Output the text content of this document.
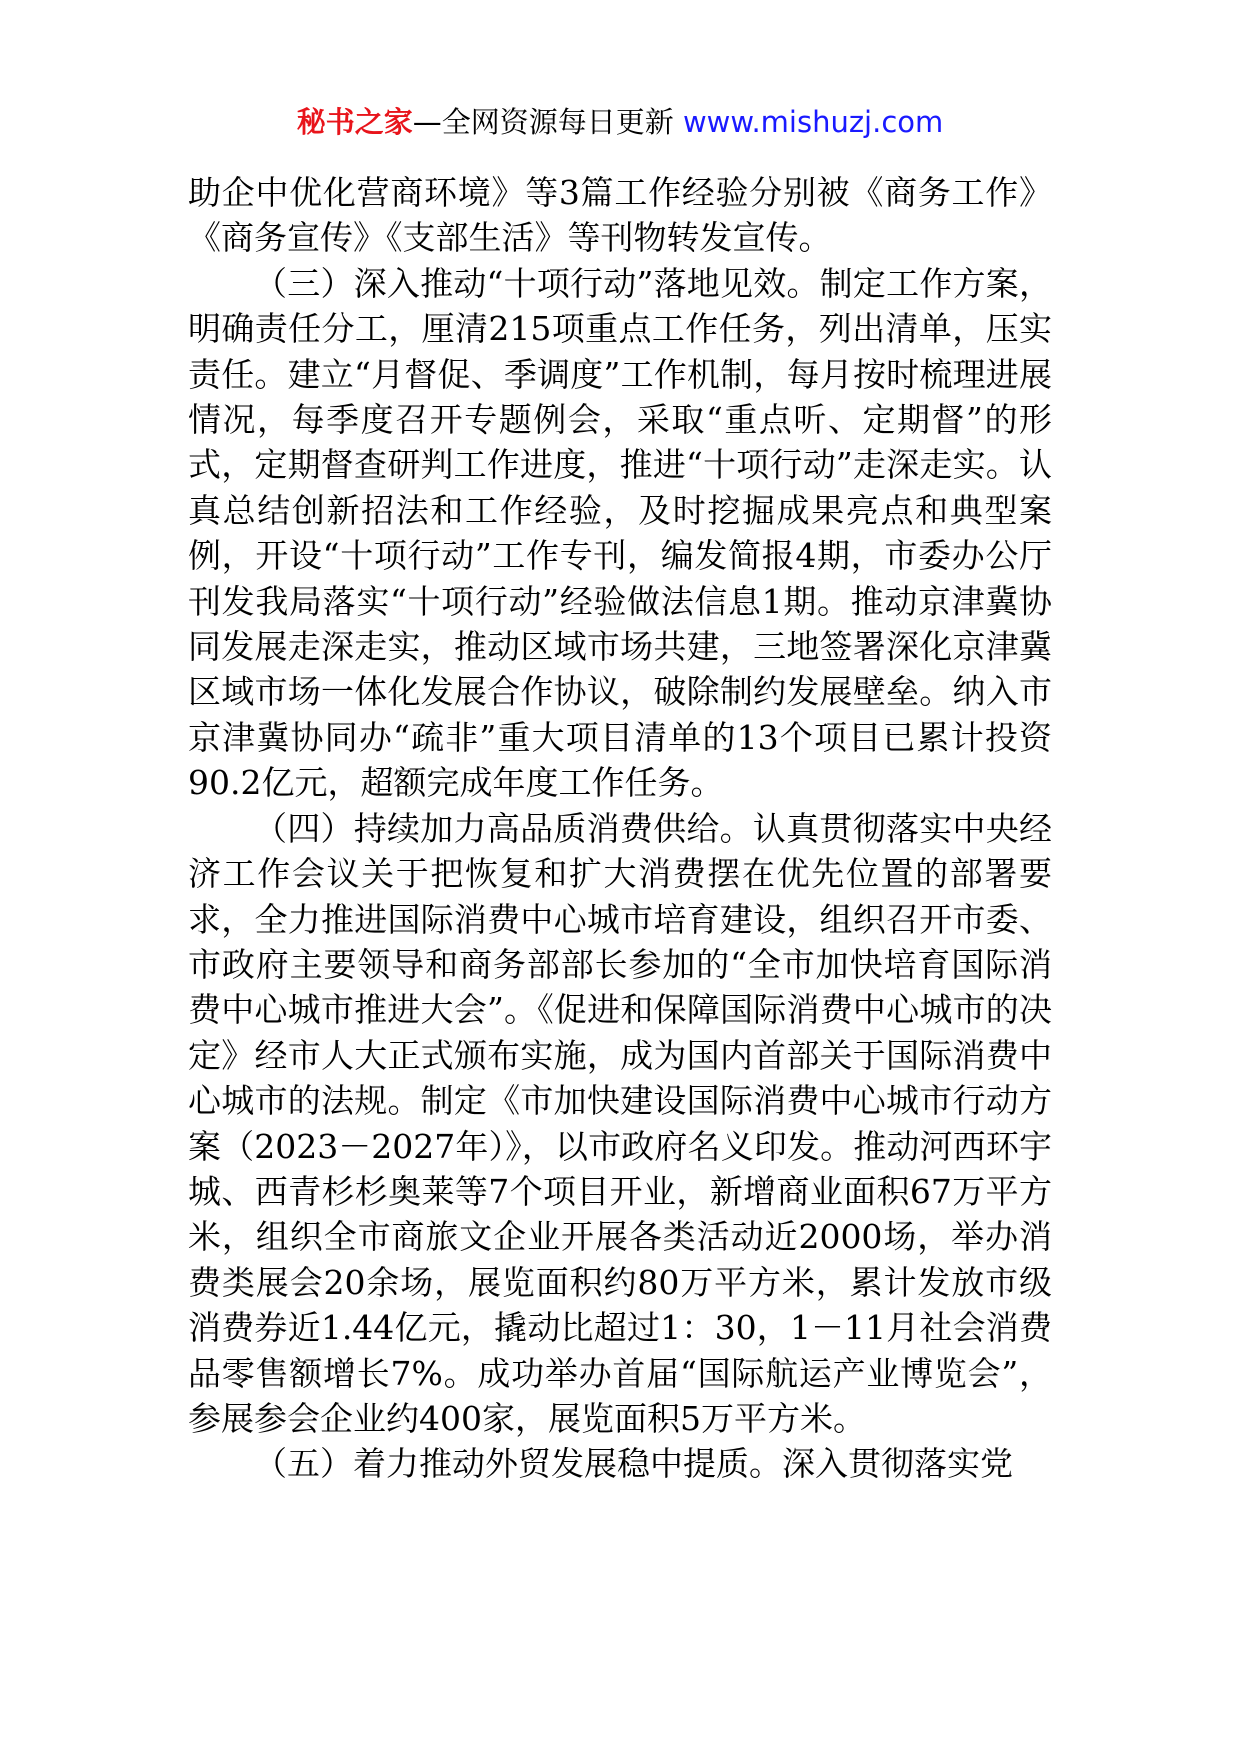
秘书之家—全网资源每日更新 www.mishuzj.com

助企中优化营商环境》等3篇工作经验分别被《商务工作》《商务宣传》《支部生活》等刊物转发宣传。

（三）深入推动“十项行动”落地见效。制定工作方案，明确责任分工，厘清215项重点工作任务，列出清单，压实责任。建立“月督促、季调度”工作机制，每月按时梳理进展情况，每季度召开专题例会，采取“重点听、定期督”的形式，定期督查研判工作进度，推进“十项行动”走深走实。认真总结创新招法和工作经验，及时挖掘成果亮点和典型案例，开设“十项行动”工作专刊，编发简报4期，市委办公厅刊发我局落实“十项行动”经验做法信息1期。推动京津冀协同发展走深走实，推动区域市场共建，三地签署深化京津冀区域市场一体化发展合作协议，破除制约发展壁垒。纳入市京津冀协同办“疏非”重大项目清单的13个项目已累计投资90.2亿元，超额完成年度工作任务。

（四）持续加力高品质消费供给。认真贯彻落实中央经济工作会议关于把恢复和扩大消费摆在优先位置的部署要求，全力推进国际消费中心城市培育建设，组织召开市委、市政府主要领导和商务部部长参加的“全市加快培育国际消费中心城市推进大会”。《促进和保障国际消费中心城市的决定》经市人大正式颁布实施，成为国内首部关于国际消费中心城市的法规。制定《市加快建设国际消费中心城市行动方案（2023－2027年）》，以市政府名义印发。推动河西环宇城、西青杉杉奥莱等7个项目开业，新增商业面积67万平方米，组织全市商旅文企业开展各类活动近2000场，举办消费类展会20余场，展览面积约80万平方米，累计发放市级消费券近1.44亿元，撬动比超过1：30，1－11月社会消费品零售额增长7%。成功举办首届“国际航运产业博览会”，参展参会企业约400家，展览面积5万平方米。

（五）着力推动外贸发展稳中提质。深入贯彻落实党
